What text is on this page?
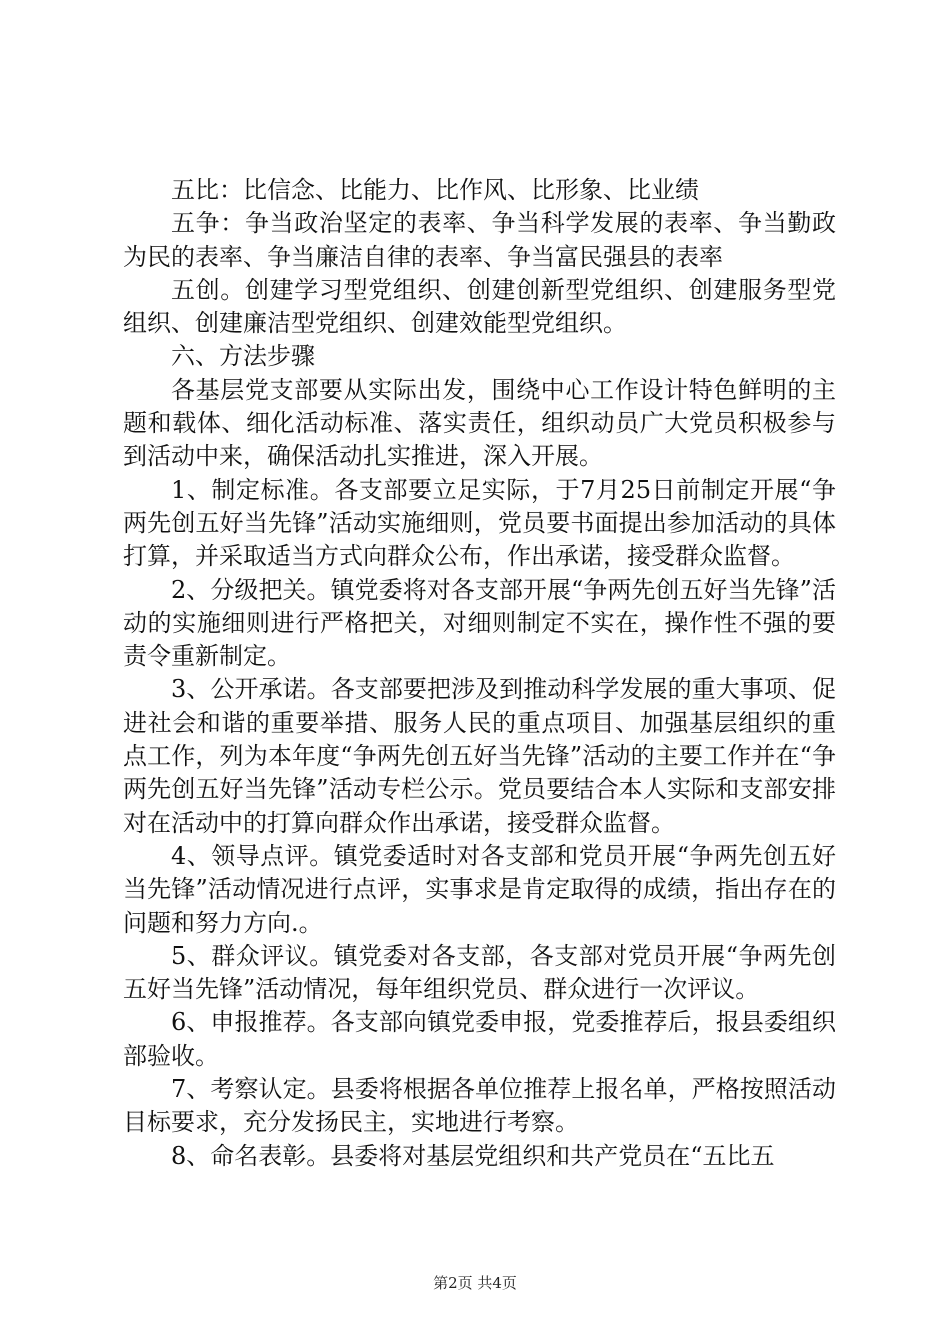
五比：比信念、比能力、比作风、比形象、比业绩

五争：争当政治坚定的表率、争当科学发展的表率、争当勤政为民的表率、争当廉洁自律的表率、争当富民强县的表率

五创。创建学习型党组织、创建创新型党组织、创建服务型党组织、创建廉洁型党组织、创建效能型党组织。

六、方法步骤

各基层党支部要从实际出发，围绕中心工作设计特色鲜明的主题和载体、细化活动标准、落实责任，组织动员广大党员积极参与到活动中来，确保活动扎实推进，深入开展。

1、制定标准。各支部要立足实际，于7月25日前制定开展“争两先创五好当先锋”活动实施细则，党员要书面提出参加活动的具体打算，并采取适当方式向群众公布，作出承诺，接受群众监督。

2、分级把关。镇党委将对各支部开展“争两先创五好当先锋”活动的实施细则进行严格把关，对细则制定不实在，操作性不强的要责令重新制定。

3、公开承诺。各支部要把涉及到推动科学发展的重大事项、促进社会和谐的重要举措、服务人民的重点项目、加强基层组织的重点工作，列为本年度“争两先创五好当先锋”活动的主要工作并在“争两先创五好当先锋”活动专栏公示。党员要结合本人实际和支部安排对在活动中的打算向群众作出承诺，接受群众监督。

4、领导点评。镇党委适时对各支部和党员开展“争两先创五好当先锋”活动情况进行点评，实事求是肯定取得的成绩，指出存在的问题和努力方向.。

5、群众评议。镇党委对各支部，各支部对党员开展“争两先创五好当先锋”活动情况，每年组织党员、群众进行一次评议。

6、申报推荐。各支部向镇党委申报，党委推荐后，报县委组织部验收。

7、考察认定。县委将根据各单位推荐上报名单，严格按照活动目标要求，充分发扬民主，实地进行考察。

8、命名表彰。县委将对基层党组织和共产党员在“五比五

第2页 共4页
